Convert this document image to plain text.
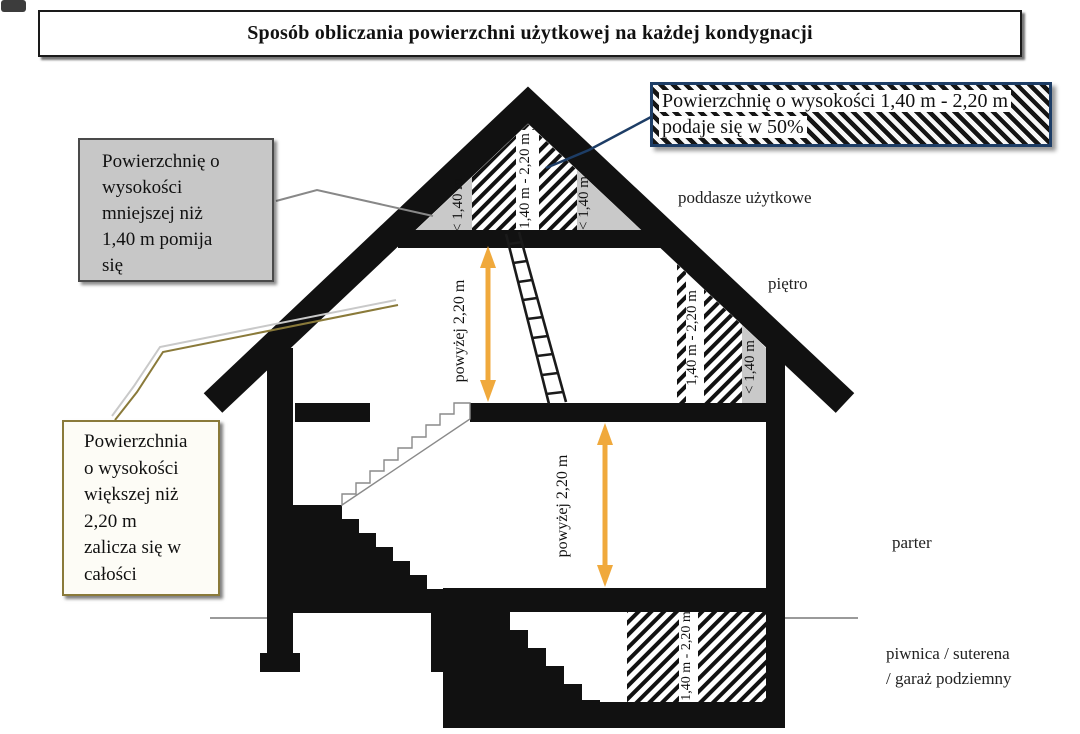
< 1,40 m	1,40 m - 2,20 m	< 1,40 m
powyżej 2,20 m	1,40 m - 2,20 m	< 1,40 m
powyżej 2,20 m
1,40 m - 2,20 m
Sposób obliczania powierzchni użytkowej na każdej kondygnacji
Powierzchnię o
wysokości
mniejszej niż
1,40 m pomija
się
Powierzchnię o wysokości 1,40 m - 2,20 m
podaje się w 50%
Powierzchnia
o wysokości
większej niż
2,20 m
zalicza się w
całości
poddasze użytkowe
piętro
parter
piwnica / suterena
/ garaż podziemny
